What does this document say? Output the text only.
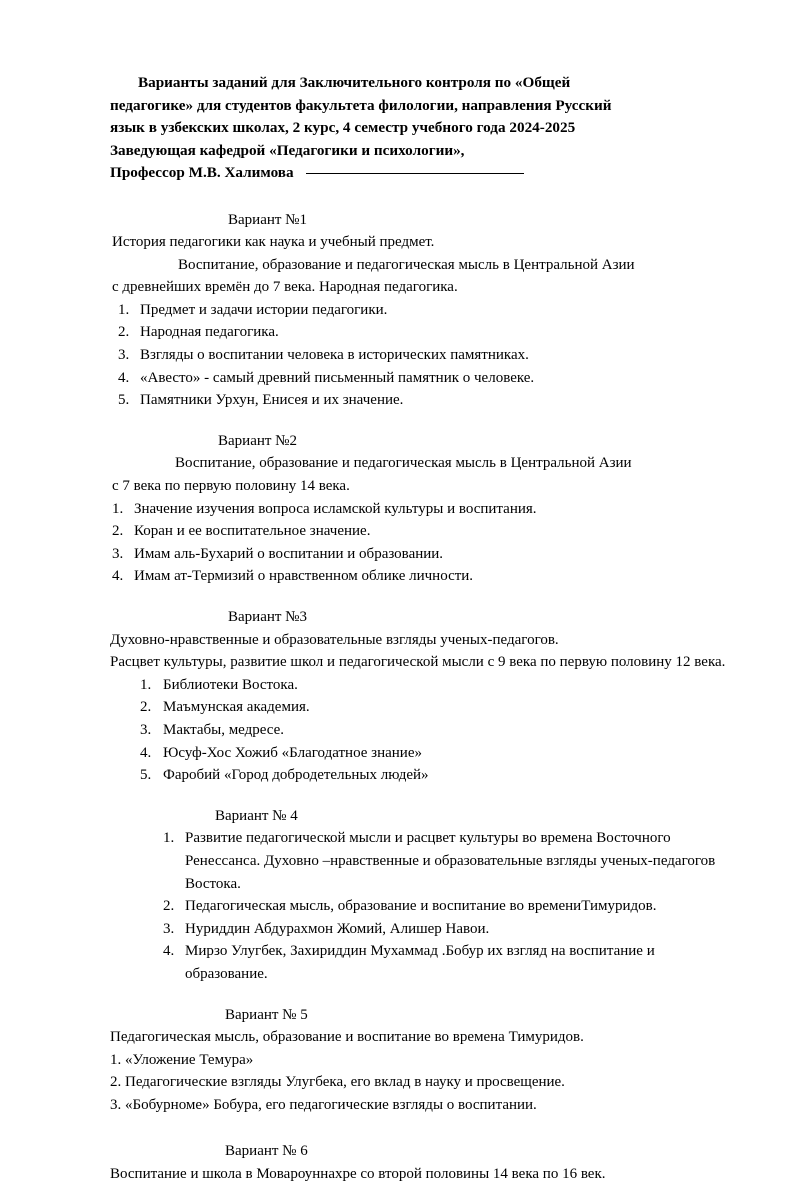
Варианты заданий для Заключительного контроля по «Общей
педагогике» для студентов факультета филологии, направления Русский
язык в узбекских школах, 2 курс, 4 семестр учебного года 2024-2025
Заведующая кафедрой «Педагогики и психологии»,
Профессор М.В. Халимова

Вариант №1

История педагогики как наука и учебный предмет.

Воспитание, образование и педагогическая мысль в Центральной Азии

с древнейших времён до 7 века. Народная педагогика.

1. Предмет и задачи истории педагогики.
2. Народная педагогика.
3. Взгляды о воспитании человека в исторических памятниках.
4. «Авесто» - самый древний письменный памятник о человеке.
5. Памятники Урхун, Енисея и их значение.

Вариант №2

Воспитание, образование и педагогическая мысль в Центральной Азии

с 7 века по первую половину 14 века.

1. Значение изучения вопроса исламской культуры и воспитания.
2. Коран и ее воспитательное значение.
3. Имам аль-Бухарий о воспитании и образовании.
4. Имам ат-Термизий о нравственном облике личности.

Вариант №3

Духовно-нравственные и образовательные взгляды ученых-педагогов.

Расцвет культуры, развитие школ и педагогической мысли с 9 века по первую половину 12 века.

1. Библиотеки Востока.
2. Маъмунская академия.
3. Мактабы, медресе.
4. Юсуф-Хос Хожиб «Благодатное знание»
5. Фаробий «Город добродетельных людей»

Вариант № 4

1. Развитие педагогической мысли и расцвет культуры во времена Восточного Ренессанса. Духовно –нравственные и образовательные взгляды ученых-педагогов Востока.
2. Педагогическая мысль, образование и воспитание во времениТимуридов.
3. Нуриддин Абдурахмон Жомий, Алишер Навои.
4. Мирзо Улугбек, Захириддин Мухаммад .Бобур их взгляд на воспитание и образование.

Вариант № 5

Педагогическая мысль, образование и воспитание во времена Тимуридов.

1. «Уложение Темура»
2. Педагогические взгляды Улугбека, его вклад в науку и просвещение.
3. «Бобурноме» Бобура, его педагогические взгляды о воспитании.

Вариант № 6

Воспитание и школа в Мовароуннахре со второй половины 14 века по 16 век.
